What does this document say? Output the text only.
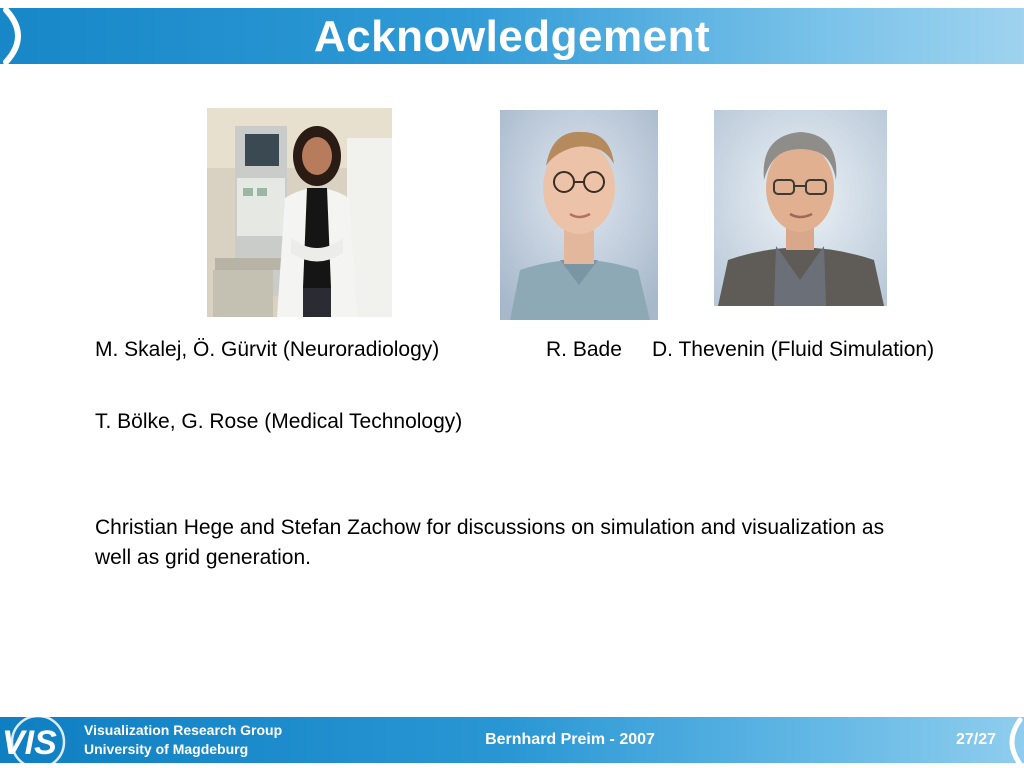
Acknowledgement
M. Skalej, Ö. Gürvit (Neuroradiology)	R. Bade D. Thevenin (Fluid Simulation)
T. Bölke, G. Rose (Medical Technology)
Christian Hege and Stefan Zachow for discussions on simulation and visualization as well as grid generation.
VIS Visualization Research Group
University of Magdeburg
Bernhard Preim - 2007	27/27
